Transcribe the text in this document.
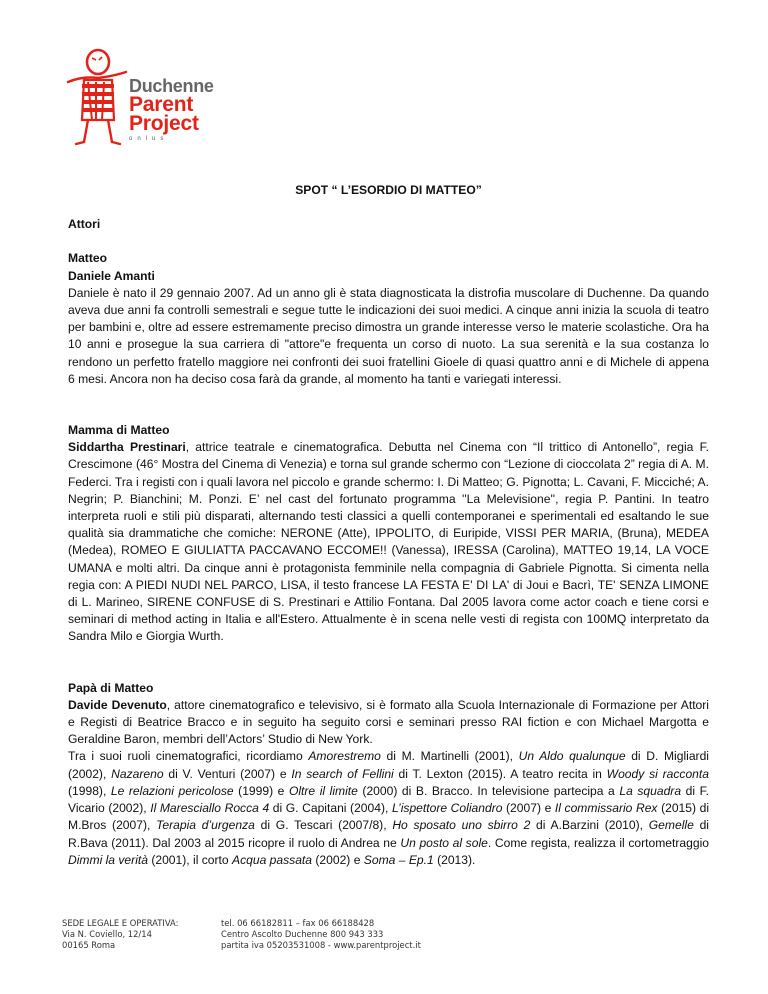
Duchenne
Parent
Project
onlus
SPOT “ L’ESORDIO DI MATTEO”
Attori
Matteo
Daniele Amanti

Daniele è nato il 29 gennaio 2007. Ad un anno gli è stata diagnosticata la distrofia muscolare di Duchenne. Da quando aveva due anni fa controlli semestrali e segue tutte le indicazioni dei suoi medici. A cinque anni inizia la scuola di teatro per bambini e, oltre ad essere estremamente preciso dimostra un grande interesse verso le materie scolastiche. Ora ha 10 anni e prosegue la sua carriera di "attore"e frequenta un corso di nuoto. La sua serenità e la sua costanza lo rendono un perfetto fratello maggiore nei confronti dei suoi fratellini Gioele di quasi quattro anni e di Michele di appena 6 mesi. Ancora non ha deciso cosa farà da grande, al momento ha tanti e variegati interessi.

Mamma di Matteo

Siddartha Prestinari, attrice teatrale e cinematografica. Debutta nel Cinema con “Il trittico di Antonello”, regia F. Crescimone (46° Mostra del Cinema di Venezia) e torna sul grande schermo con “Lezione di cioccolata 2” regia di A. M. Federci. Tra i registi con i quali lavora nel piccolo e grande schermo: I. Di Matteo; G. Pignotta; L. Cavani, F. Micciché; A. Negrin; P. Bianchini; M. Ponzi. E’ nel cast del fortunato programma ''La Melevisione'', regia P. Pantini. In teatro interpreta ruoli e stili più disparati, alternando testi classici a quelli contemporanei e sperimentali ed esaltando le sue qualità sia drammatiche che comiche: NERONE (Atte), IPPOLITO, di Euripide, VISSI PER MARIA, (Bruna), MEDEA (Medea), ROMEO E GIULIATTA PACCAVANO ECCOME!! (Vanessa), IRESSA (Carolina), MATTEO 19,14, LA VOCE UMANA e molti altri. Da cinque anni è protagonista femminile nella compagnia di Gabriele Pignotta. Si cimenta nella regia con: A PIEDI NUDI NEL PARCO, LISA, il testo francese LA FESTA E' DI LA' di Joui e Bacrì, TE' SENZA LIMONE di L. Marineo, SIRENE CONFUSE di S. Prestinari e Attilio Fontana. Dal 2005 lavora come actor coach e tiene corsi e seminari di method acting in Italia e all'Estero. Attualmente è in scena nelle vesti di regista con 100MQ interpretato da Sandra Milo e Giorgia Wurth.

Papà di Matteo

Davide Devenuto, attore cinematografico e televisivo, si è formato alla Scuola Internazionale di Formazione per Attori e Registi di Beatrice Bracco e in seguito ha seguito corsi e seminari presso RAI fiction e con Michael Margotta e Geraldine Baron, membri dell’Actors’ Studio di New York.

Tra i suoi ruoli cinematografici, ricordiamo Amorestremo di M. Martinelli (2001), Un Aldo qualunque di D. Migliardi (2002), Nazareno di V. Venturi (2007) e In search of Fellini di T. Lexton (2015). A teatro recita in Woody si racconta (1998), Le relazioni pericolose (1999) e Oltre il limite (2000) di B. Bracco. In televisione partecipa a La squadra di F. Vicario (2002), Il Maresciallo Rocca 4 di G. Capitani (2004), L’ispettore Coliandro (2007) e Il commissario Rex (2015) di M.Bros (2007), Terapia d’urgenza di G. Tescari (2007/8), Ho sposato uno sbirro 2 di A.Barzini (2010), Gemelle di R.Bava (2011). Dal 2003 al 2015 ricopre il ruolo di Andrea ne Un posto al sole. Come regista, realizza il cortometraggio Dimmi la verità (2001), il corto Acqua passata (2002) e Soma – Ep.1 (2013).

SEDE LEGALE E OPERATIVA:
Via N. Coviello, 12/14
00165 Roma
tel. 06 66182811 – fax 06 66188428
Centro Ascolto Duchenne 800 943 333
partita iva 05203531008 - www.parentproject.it
